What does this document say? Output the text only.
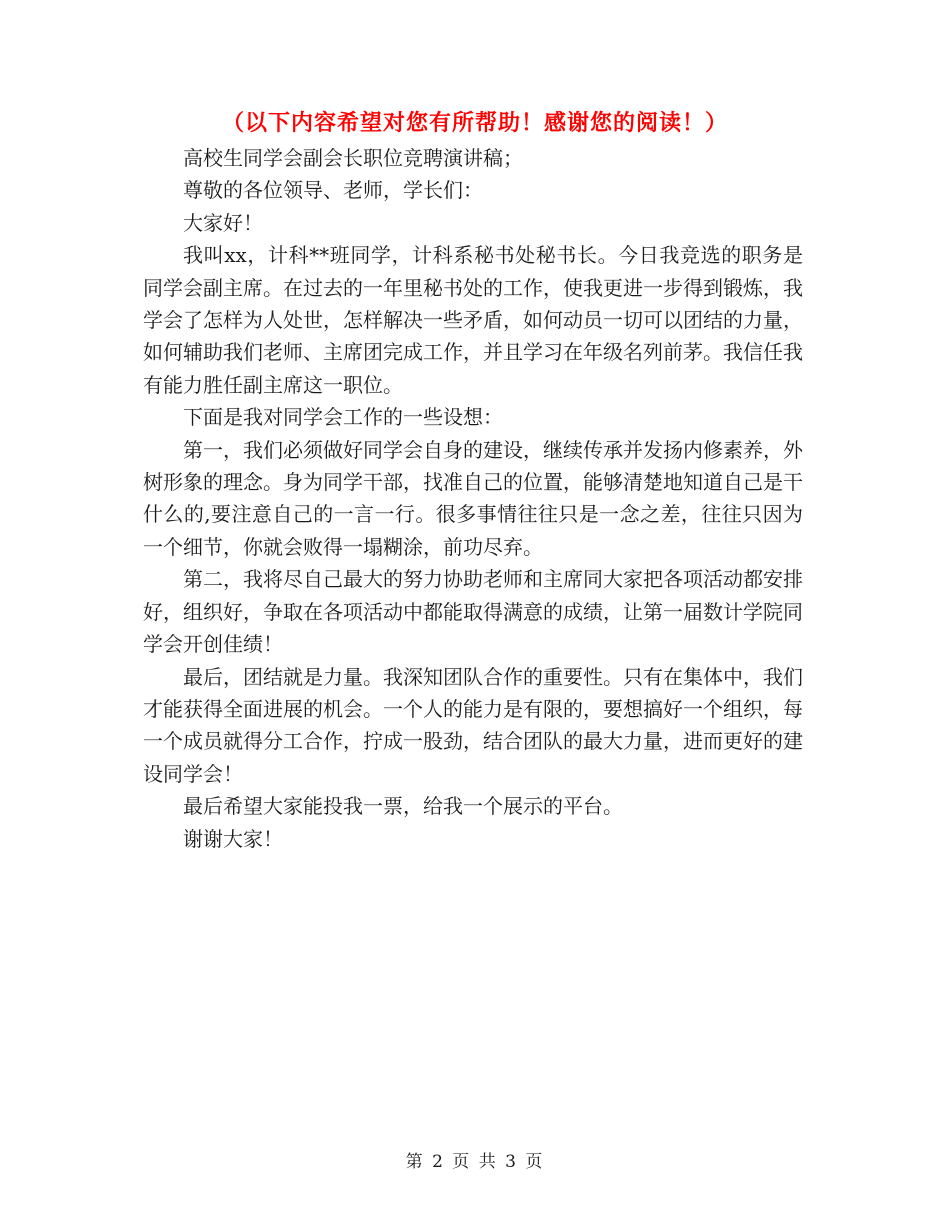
（以下内容希望对您有所帮助！感谢您的阅读！）

高校生同学会副会长职位竞聘演讲稿；

尊敬的各位领导、老师，学长们：

大家好！

我叫xx，计科**班同学，计科系秘书处秘书长。今日我竞选的职务是同学会副主席。在过去的一年里秘书处的工作，使我更进一步得到锻炼，我学会了怎样为人处世，怎样解决一些矛盾，如何动员一切可以团结的力量，如何辅助我们老师、主席团完成工作，并且学习在年级名列前茅。我信任我有能力胜任副主席这一职位。

下面是我对同学会工作的一些设想：

第一，我们必须做好同学会自身的建设，继续传承并发扬内修素养，外树形象的理念。身为同学干部，找准自己的位置，能够清楚地知道自己是干什么的,要注意自己的一言一行。很多事情往往只是一念之差，往往只因为一个细节，你就会败得一塌糊涂，前功尽弃。

第二，我将尽自己最大的努力协助老师和主席同大家把各项活动都安排好，组织好，争取在各项活动中都能取得满意的成绩，让第一届数计学院同学会开创佳绩！

最后，团结就是力量。我深知团队合作的重要性。只有在集体中，我们才能获得全面进展的机会。一个人的能力是有限的，要想搞好一个组织，每一个成员就得分工合作，拧成一股劲，结合团队的最大力量，进而更好的建设同学会！

最后希望大家能投我一票，给我一个展示的平台。

谢谢大家！

第 2 页 共 3 页
